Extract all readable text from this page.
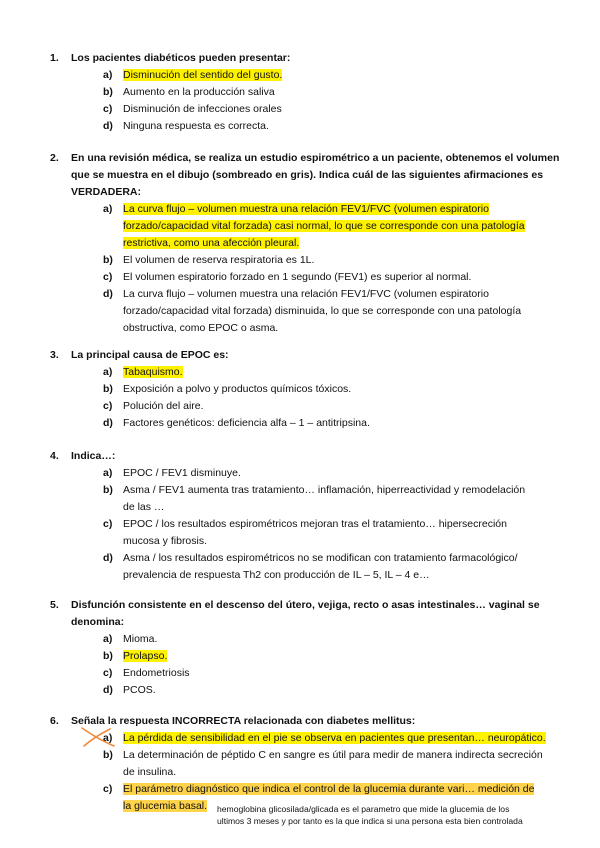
1.	Los pacientes diabéticos pueden presentar:
a)	Disminución del sentido del gusto.
b) Aumento en la producción saliva
c)	Disminución de infecciones orales
d) Ninguna respuesta es correcta.
2.	En una revisión médica, se realiza un estudio espirométrico a un paciente, obtenemos el volumen
que se muestra en el dibujo (sombreado en gris). Indica cuál de las siguientes afirmaciones es
VERDADERA:
a)	La curva flujo – volumen muestra una relación FEV1/FVC (volumen espiratorio
forzado/capacidad vital forzada) casi normal, lo que se corresponde con una patología
restrictiva, como una afección pleural.
b) El volumen de reserva respiratoria es 1L.
c)	El volumen espiratorio forzado en 1 segundo (FEV1) es superior al normal.
d) La curva flujo – volumen muestra una relación FEV1/FVC (volumen espiratorio
forzado/capacidad vital forzada) disminuida, lo que se corresponde con una patología
obstructiva, como EPOC o asma.
3.	La principal causa de EPOC es:
a)	Tabaquismo.
b) Exposición a polvo y productos químicos tóxicos.
c)	Polución del aire.
d) Factores genéticos: deficiencia alfa – 1 – antitripsina.
4.	Indica…:
a)	EPOC / FEV1 disminuye.
b) Asma / FEV1 aumenta tras tratamiento… inflamación, hiperreactividad y remodelación
de las …
c)	EPOC / los resultados espirométricos mejoran tras el tratamiento… hipersecreción
mucosa y fibrosis.
d) Asma / los resultados espirométricos no se modifican con tratamiento farmacológico/
prevalencia de respuesta Th2 con producción de IL – 5, IL – 4 e…
5.	Disfunción consistente en el descenso del útero, vejiga, recto o asas intestinales… vaginal se
denomina:
a)	Mioma.
b) Prolapso.
c)	Endometriosis
d) PCOS.
6.	Señala la respuesta INCORRECTA relacionada con diabetes mellitus:
a)	La pérdida de sensibilidad en el pie se observa en pacientes que presentan… neuropático.
b) La determinación de péptido C en sangre es útil para medir de manera indirecta secreción
de insulina.
c)	El parámetro diagnóstico que indica el control de la glucemia durante vari… medición de
la glucemia basal.	hemoglobina glicosilada/glicada es el parametro que mide la glucemia de los
ultimos 3 meses y por tanto es la que indica si una persona esta bien controlada
